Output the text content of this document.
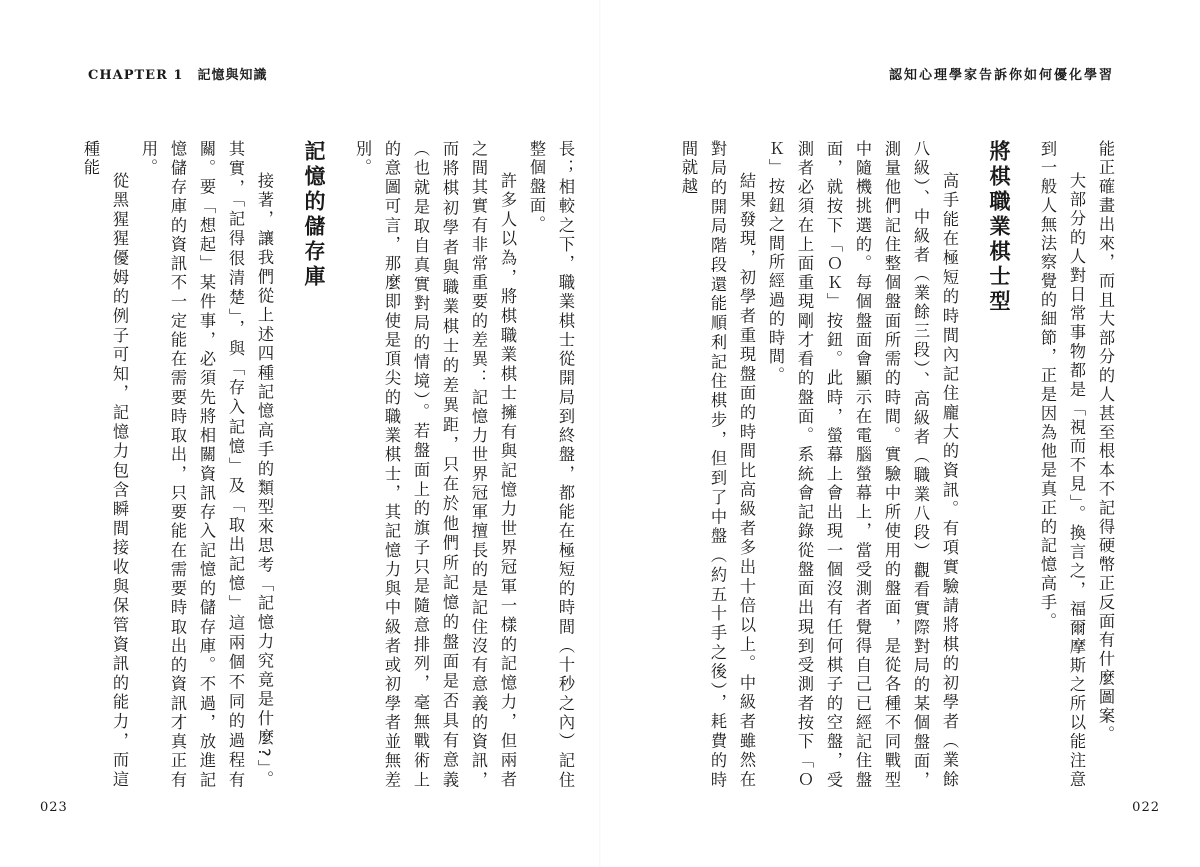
CHAPTER 1　記憶與知識	認知心理學家告訴你如何優化學習

能正確畫出來，而且大部分的人甚至根本不記得硬幣正反面有什麼圖案。

大部分的人對日常事物都是「視而不見」。換言之，福爾摩斯之所以能注意到一般人無法察覺的細節，正是因為他是真正的記憶高手。

將棋職業棋士型

高手能在極短的時間內記住龐大的資訊。有項實驗請將棋的初學者（業餘八級）、中級者（業餘三段）、高級者（職業八段）觀看實際對局的某個盤面，測量他們記住整個盤面所需的時間。實驗中所使用的盤面，是從各種不同戰型中隨機挑選的。每個盤面會顯示在電腦螢幕上，當受測者覺得自己已經記住盤面，就按下「ＯＫ」按鈕。此時，螢幕上會出現一個沒有任何棋子的空盤，受測者必須在上面重現剛才看的盤面。系統會記錄從盤面出現到受測者按下「ＯＫ」按鈕之間所經過的時間。

結果發現，初學者重現盤面的時間比高級者多出十倍以上。中級者雖然在對局的開局階段還能順利記住棋步，但到了中盤（約五十手之後），耗費的時間就越

長；相較之下，職業棋士從開局到終盤，都能在極短的時間（十秒之內）記住整個盤面。

許多人以為，將棋職業棋士擁有與記憶力世界冠軍一樣的記憶力，但兩者之間其實有非常重要的差異：記憶力世界冠軍擅長的是記住沒有意義的資訊，而將棋初學者與職業棋士的差異距，只在於他們所記憶的盤面是否具有意義（也就是取自真實對局的情境）。若盤面上的旗子只是隨意排列，毫無戰術上的意圖可言，那麼即使是頂尖的職業棋士，其記憶力與中級者或初學者並無差別。

記憶的儲存庫

接著，讓我們從上述四種記憶高手的類型來思考「記憶力究竟是什麼?」。其實，「記得很清楚」，與「存入記憶」及「取出記憶」這兩個不同的過程有關。要「想起」某件事，必須先將相關資訊存入記憶的儲存庫。不過，放進記憶儲存庫的資訊不一定能在需要時取出，只要能在需要時取出的資訊才真正有用。

從黑猩猩優姆的例子可知，記憶力包含瞬間接收與保管資訊的能力，而這種能

023	022
